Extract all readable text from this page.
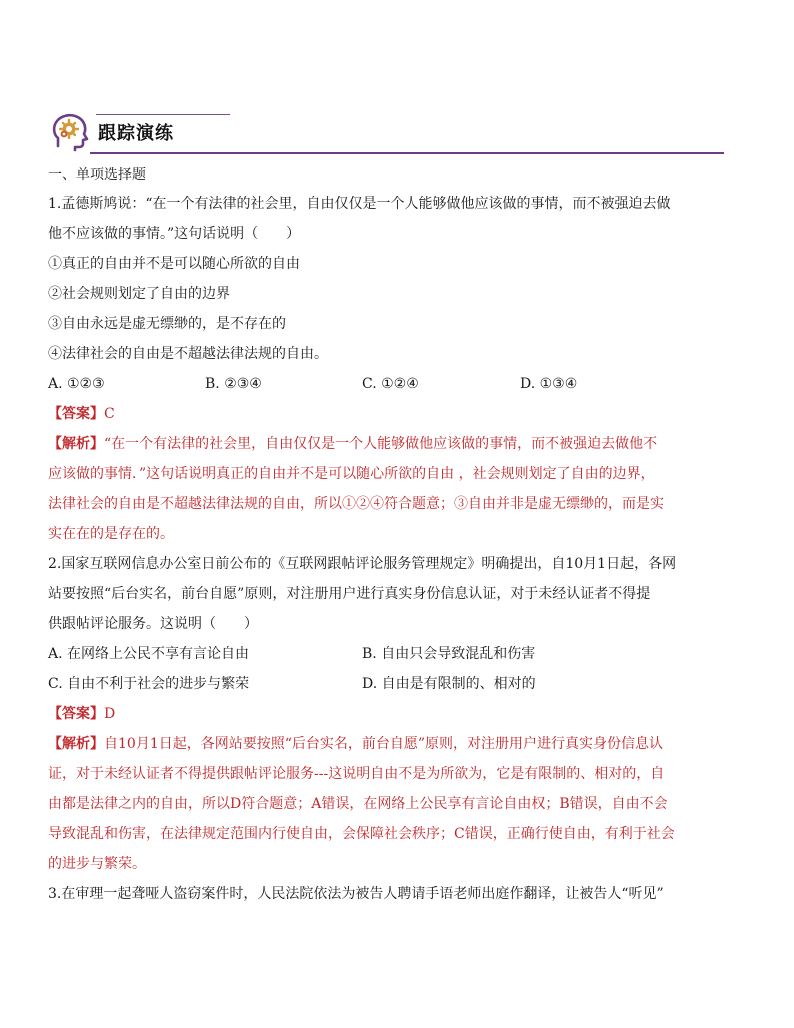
跟踪演练
一、单项选择题
1.孟德斯鸠说：“在一个有法律的社会里，自由仅仅是一个人能够做他应该做的事情，而不被强迫去做
他不应该做的事情。”这句话说明（　　）
①真正的自由并不是可以随心所欲的自由
②社会规则划定了自由的边界
③自由永远是虚无缥缈的，是不存在的
④法律社会的自由是不超越法律法规的自由。
A. ①②③	B. ②③④	C. ①②④	D. ①③④
【答案】C
【解析】“在一个有法律的社会里，自由仅仅是一个人能够做他应该做的事情，而不被强迫去做他不
应该做的事情．”这句话说明真正的自由并不是可以随心所欲的自由 ，社会规则划定了自由的边界，
法律社会的自由是不超越法律法规的自由，所以①②④符合题意；③自由并非是虚无缥缈的，而是实
实在在的是存在的。
2.国家互联网信息办公室日前公布的《互联网跟帖评论服务管理规定》明确提出，自10月1日起，各网
站要按照“后台实名，前台自愿”原则，对注册用户进行真实身份信息认证，对于未经认证者不得提
供跟帖评论服务。这说明（　　）
A. 在网络上公民不享有言论自由	B. 自由只会导致混乱和伤害
C. 自由不利于社会的进步与繁荣	D. 自由是有限制的、相对的
【答案】D
【解析】自10月1日起，各网站要按照“后台实名，前台自愿”原则，对注册用户进行真实身份信息认
证，对于未经认证者不得提供跟帖评论服务---这说明自由不是为所欲为，它是有限制的、相对的，自
由都是法律之内的自由，所以D符合题意；A错误，在网络上公民享有言论自由权；B错误，自由不会
导致混乱和伤害，在法律规定范围内行使自由，会保障社会秩序；C错误，正确行使自由，有利于社会
的进步与繁荣。
3.在审理一起聋哑人盗窃案件时，人民法院依法为被告人聘请手语老师出庭作翻译，让被告人“听见”
